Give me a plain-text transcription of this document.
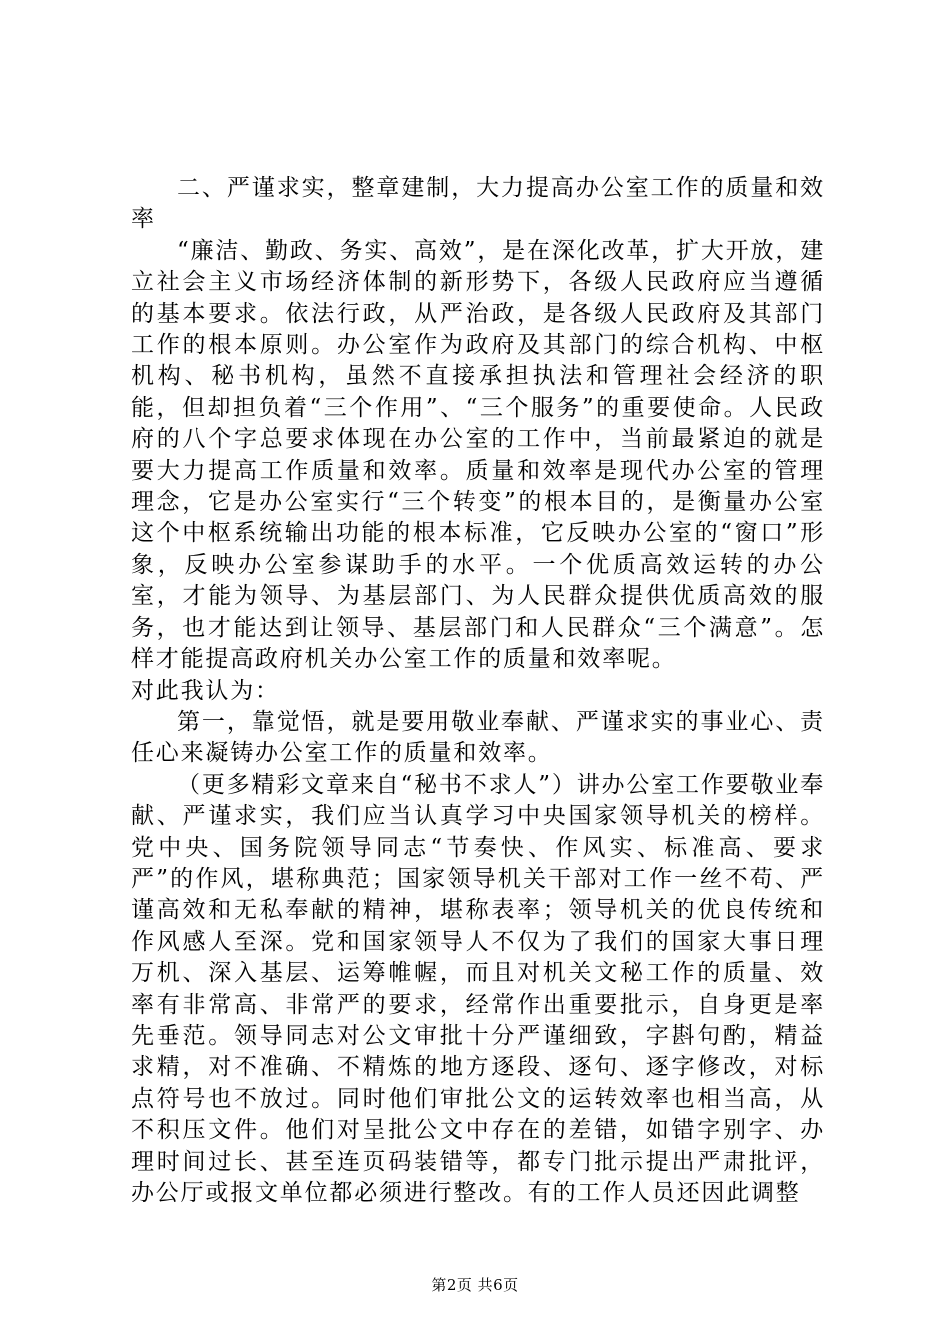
二、严谨求实，整章建制，大力提高办公室工作的质量和效率

“廉洁、勤政、务实、高效”，是在深化改革，扩大开放，建立社会主义市场经济体制的新形势下，各级人民政府应当遵循的基本要求。依法行政，从严治政，是各级人民政府及其部门工作的根本原则。办公室作为政府及其部门的综合机构、中枢机构、秘书机构，虽然不直接承担执法和管理社会经济的职能，但却担负着“三个作用”、“三个服务”的重要使命。人民政府的八个字总要求体现在办公室的工作中，当前最紧迫的就是要大力提高工作质量和效率。质量和效率是现代办公室的管理理念，它是办公室实行“三个转变”的根本目的，是衡量办公室这个中枢系统输出功能的根本标准，它反映办公室的“窗口”形象，反映办公室参谋助手的水平。一个优质高效运转的办公室，才能为领导、为基层部门、为人民群众提供优质高效的服务，也才能达到让领导、基层部门和人民群众“三个满意”。怎样才能提高政府机关办公室工作的质量和效率呢。

对此我认为：

第一，靠觉悟，就是要用敬业奉献、严谨求实的事业心、责任心来凝铸办公室工作的质量和效率。

（更多精彩文章来自“秘书不求人”）讲办公室工作要敬业奉献、严谨求实，我们应当认真学习中央国家领导机关的榜样。党中央、国务院领导同志“节奏快、作风实、标准高、要求严”的作风，堪称典范；国家领导机关干部对工作一丝不苟、严谨高效和无私奉献的精神，堪称表率；领导机关的优良传统和作风感人至深。党和国家领导人不仅为了我们的国家大事日理万机、深入基层、运筹帷幄，而且对机关文秘工作的质量、效率有非常高、非常严的要求，经常作出重要批示，自身更是率先垂范。领导同志对公文审批十分严谨细致，字斟句酌，精益求精，对不准确、不精炼的地方逐段、逐句、逐字修改，对标点符号也不放过。同时他们审批公文的运转效率也相当高，从不积压文件。他们对呈批公文中存在的差错，如错字别字、办理时间过长、甚至连页码装错等，都专门批示提出严肃批评，办公厅或报文单位都必须进行整改。有的工作人员还因此调整

第2页 共6页
